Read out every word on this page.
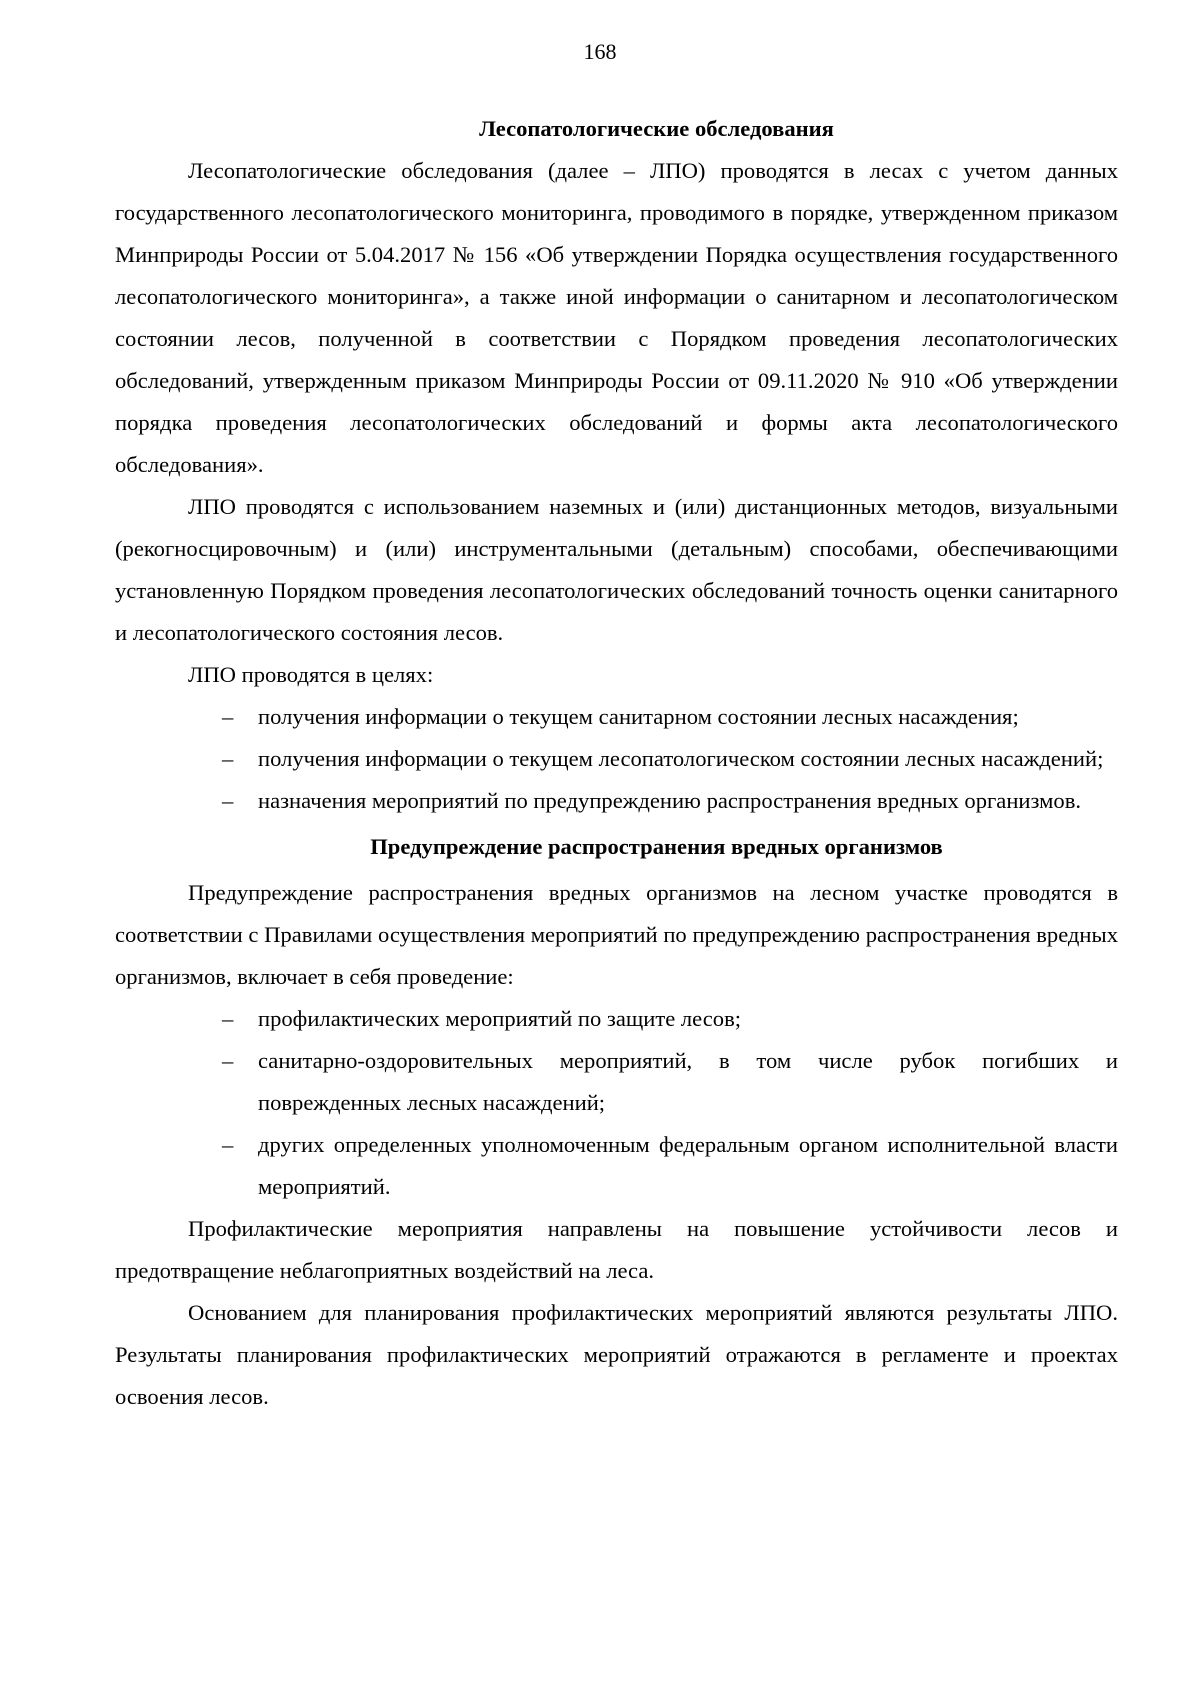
168
Лесопатологические обследования

Лесопатологические обследования (далее – ЛПО) проводятся в лесах с учетом данных государственного лесопатологического мониторинга, проводимого в порядке, утвержденном приказом Минприроды России от 5.04.2017 № 156 «Об утверждении Порядка осуществления государственного лесопатологического мониторинга», а также иной информации о санитарном и лесопатологическом состоянии лесов, полученной в соответствии с Порядком проведения лесопатологических обследований, утвержденным приказом Минприроды России от 09.11.2020 № 910 «Об утверждении порядка проведения лесопатологических обследований и формы акта лесопатологического обследования».

ЛПО проводятся с использованием наземных и (или) дистанционных методов, визуальными (рекогносцировочным) и (или) инструментальными (детальным) способами, обеспечивающими установленную Порядком проведения лесопатологических обследований точность оценки санитарного и лесопатологического состояния лесов.

ЛПО проводятся в целях:

– получения информации о текущем санитарном состоянии лесных насаждения;
– получения информации о текущем лесопатологическом состоянии лесных насаждений;
– назначения мероприятий по предупреждению распространения вредных организмов.
Предупреждение распространения вредных организмов

Предупреждение распространения вредных организмов на лесном участке проводятся в соответствии с Правилами осуществления мероприятий по предупреждению распространения вредных организмов, включает в себя проведение:

– профилактических мероприятий по защите лесов;
– санитарно-оздоровительных мероприятий, в том числе рубок погибших и поврежденных лесных насаждений;
– других определенных уполномоченным федеральным органом исполнительной власти мероприятий.

Профилактические мероприятия направлены на повышение устойчивости лесов и предотвращение неблагоприятных воздействий на леса.

Основанием для планирования профилактических мероприятий являются результаты ЛПО. Результаты планирования профилактических мероприятий отражаются в регламенте и проектах освоения лесов.
